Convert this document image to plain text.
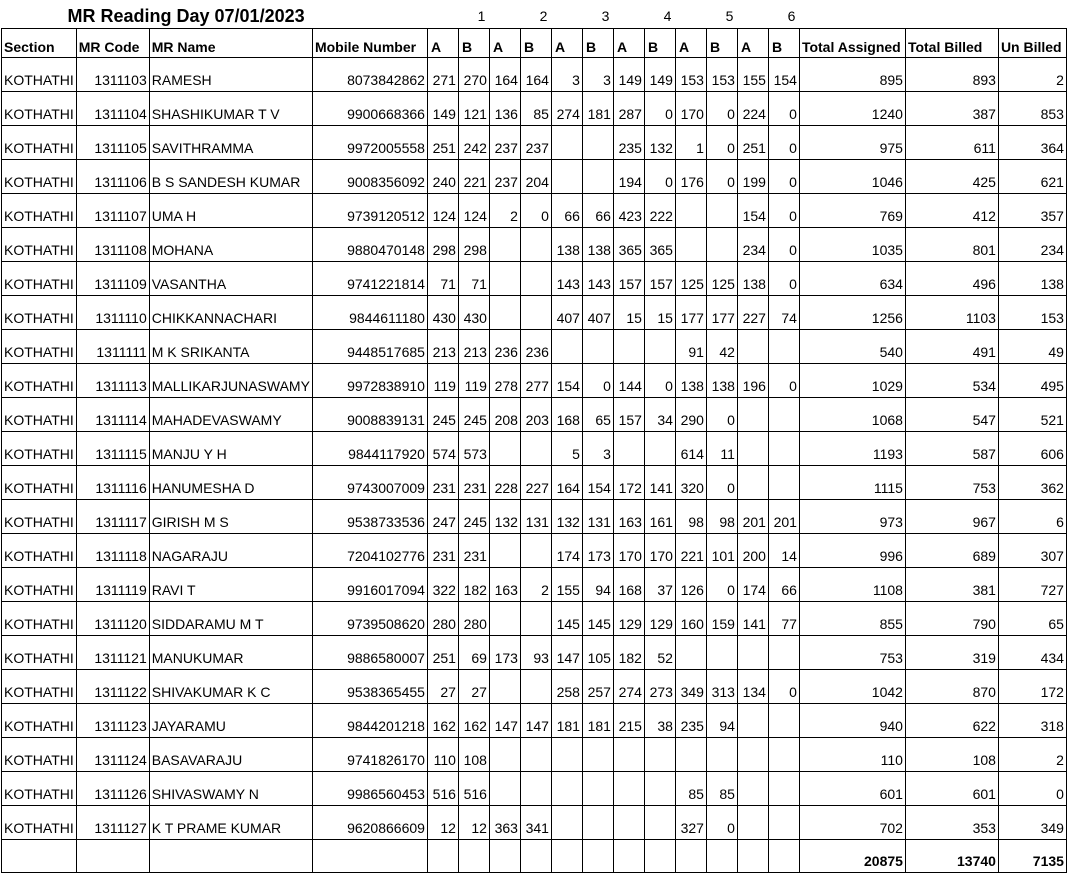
MR Reading Day 07/01/2023				1		2		3		4		5		6				
Section	MR Code	MR Name	Mobile Number	A	B	A	B	A	B	A	B	A	B	A	B	Total Assigned	Total Billed	Un Billed
KOTHATHI	1311103	RAMESH	8073842862	271	270	164	164	3	3	149	149	153	153	155	154	895	893	2
KOTHATHI	1311104	SHASHIKUMAR T V	9900668366	149	121	136	85	274	181	287	0	170	0	224	0	1240	387	853
KOTHATHI	1311105	SAVITHRAMMA	9972005558	251	242	237	237			235	132	1	0	251	0	975	611	364
KOTHATHI	1311106	B S SANDESH KUMAR	9008356092	240	221	237	204			194	0	176	0	199	0	1046	425	621
KOTHATHI	1311107	UMA H	9739120512	124	124	2	0	66	66	423	222			154	0	769	412	357
KOTHATHI	1311108	MOHANA	9880470148	298	298			138	138	365	365			234	0	1035	801	234
KOTHATHI	1311109	VASANTHA	9741221814	71	71			143	143	157	157	125	125	138	0	634	496	138
KOTHATHI	1311110	CHIKKANNACHARI	9844611180	430	430			407	407	15	15	177	177	227	74	1256	1103	153
KOTHATHI	1311111	M K SRIKANTA	9448517685	213	213	236	236					91	42			540	491	49
KOTHATHI	1311113	MALLIKARJUNASWAMY	9972838910	119	119	278	277	154	0	144	0	138	138	196	0	1029	534	495
KOTHATHI	1311114	MAHADEVASWAMY	9008839131	245	245	208	203	168	65	157	34	290	0			1068	547	521
KOTHATHI	1311115	MANJU Y H	9844117920	574	573			5	3			614	11			1193	587	606
KOTHATHI	1311116	HANUMESHA D	9743007009	231	231	228	227	164	154	172	141	320	0			1115	753	362
KOTHATHI	1311117	GIRISH M S	9538733536	247	245	132	131	132	131	163	161	98	98	201	201	973	967	6
KOTHATHI	1311118	NAGARAJU	7204102776	231	231			174	173	170	170	221	101	200	14	996	689	307
KOTHATHI	1311119	RAVI T	9916017094	322	182	163	2	155	94	168	37	126	0	174	66	1108	381	727
KOTHATHI	1311120	SIDDARAMU M T	9739508620	280	280			145	145	129	129	160	159	141	77	855	790	65
KOTHATHI	1311121	MANUKUMAR	9886580007	251	69	173	93	147	105	182	52					753	319	434
KOTHATHI	1311122	SHIVAKUMAR K C	9538365455	27	27			258	257	274	273	349	313	134	0	1042	870	172
KOTHATHI	1311123	JAYARAMU	9844201218	162	162	147	147	181	181	215	38	235	94			940	622	318
KOTHATHI	1311124	BASAVARAJU	9741826170	110	108											110	108	2
KOTHATHI	1311126	SHIVASWAMY N	9986560453	516	516							85	85			601	601	0
KOTHATHI	1311127	K T PRAME KUMAR	9620866609	12	12	363	341					327	0			702	353	349
																20875	13740	7135
